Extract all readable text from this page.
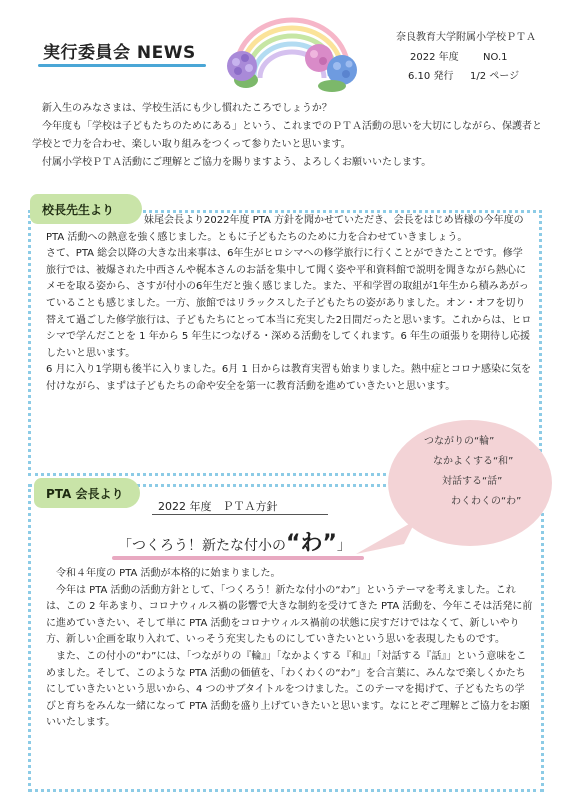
実行委員会 NEWS
奈良教育大学附属小学校ＰＴＡ
2022 年度 NO.1
6.10 発行 1/2 ページ

新入生のみなさまは、学校生活にも少し慣れたころでしょうか？

今年度も「学校は子どもたちのためにある」という、これまでのＰＴＡ活動の思いを大切にしながら、保護者と学校とで力を合わせ、楽しい取り組みをつくって参りたいと思います。

付属小学校ＰＴＡ活動にご理解とご協力を賜りますよう、よろしくお願いいたします。

校長先生より

妹尾会長より2022年度 PTA 方針を聞かせていただき、会長をはじめ皆様の今年度の PTA 活動への熱意を強く感じました。ともに子どもたちのために力を合わせていきましょう。

さて、PTA 総会以降の大きな出来事は、6年生がヒロシマへの修学旅行に行くことができたことです。修学旅行では、被爆された中西さんや梶本さんのお話を集中して聞く姿や平和資料館で説明を聞きながら熱心にメモを取る姿から、さすが付小の6年生だと強く感じました。また、平和学習の取組が1年生から積みあがっていることも感じました。一方、旅館ではリラックスした子どもたちの姿がありました。オン・オフを切り替えて過ごした修学旅行は、子どもたちにとって本当に充実した2日間だったと思います。これからは、ヒロシマで学んだことを 1 年から 5 年生につなげる・深める活動をしてくれます。6 年生の頑張りを期待し応援したいと思います。

6 月に入り1学期も後半に入りました。6月 1 日からは教育実習も始まりました。熱中症とコロナ感染に気を付けながら、まずは子どもたちの命や安全を第一に教育活動を進めていきたいと思います。

PTA 会長より
2022 年度　ＰＴＡ方針
「つくろう！新たな付小の“わ”」
つながりの“輪”
なかよくする“和”
対話する“話”
わくわくの“わ”

令和４年度の PTA 活動が本格的に始まりました。

今年は PTA 活動の活動方針として、「つくろう！新たな付小の“わ”」というテーマを考えました。これは、この 2 年あまり、コロナウィルス禍の影響で大きな制約を受けてきた PTA 活動を、今年こそは活発に前に進めていきたい、そして単に PTA 活動をコロナウィルス禍前の状態に戻すだけではなくて、新しいやり方、新しい企画を取り入れて、いっそう充実したものにしていきたいという思いを表現したものです。

また、この付小の“わ”には、「つながりの『輪』」「なかよくする『和』」「対話する『話』」という意味をこめました。そして、このような PTA 活動の価値を、「わくわくの“わ”」を合言葉に、みんなで楽しくかたちにしていきたいという思いから、4 つのサブタイトルをつけました。このテーマを掲げて、子どもたちの学びと育ちをみんな一緒になって PTA 活動を盛り上げていきたいと思います。なにとぞご理解とご協力をお願いいたします。
